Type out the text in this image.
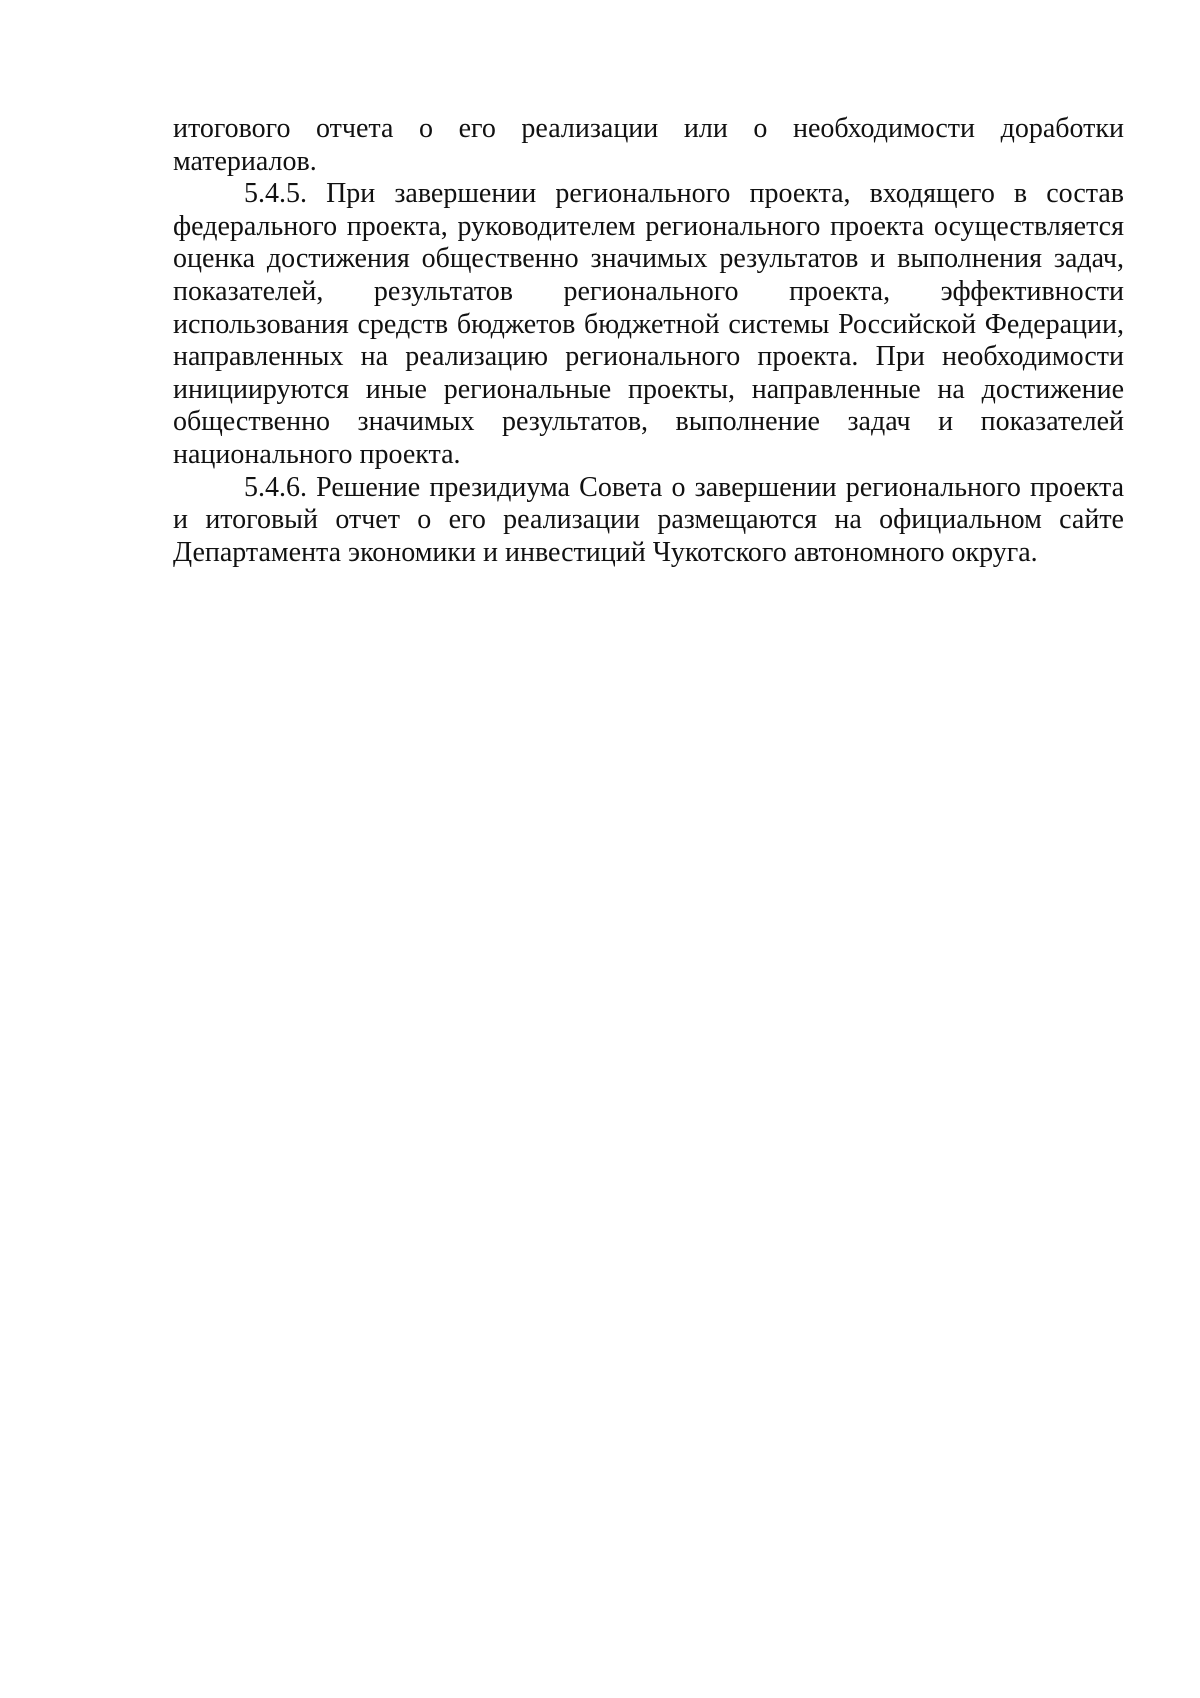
итогового отчета о его реализации или о необходимости доработки материалов.

5.4.5. При завершении регионального проекта, входящего в состав федерального проекта, руководителем регионального проекта осуществляется оценка достижения общественно значимых результатов и выполнения задач, показателей, результатов регионального проекта, эффективности использования средств бюджетов бюджетной системы Российской Федерации, направленных на реализацию регионального проекта. При необходимости инициируются иные региональные проекты, направленные на достижение общественно значимых результатов, выполнение задач и показателей национального проекта.

5.4.6. Решение президиума Совета о завершении регионального проекта и итоговый отчет о его реализации размещаются на официальном сайте Департамента экономики и инвестиций Чукотского автономного округа.
